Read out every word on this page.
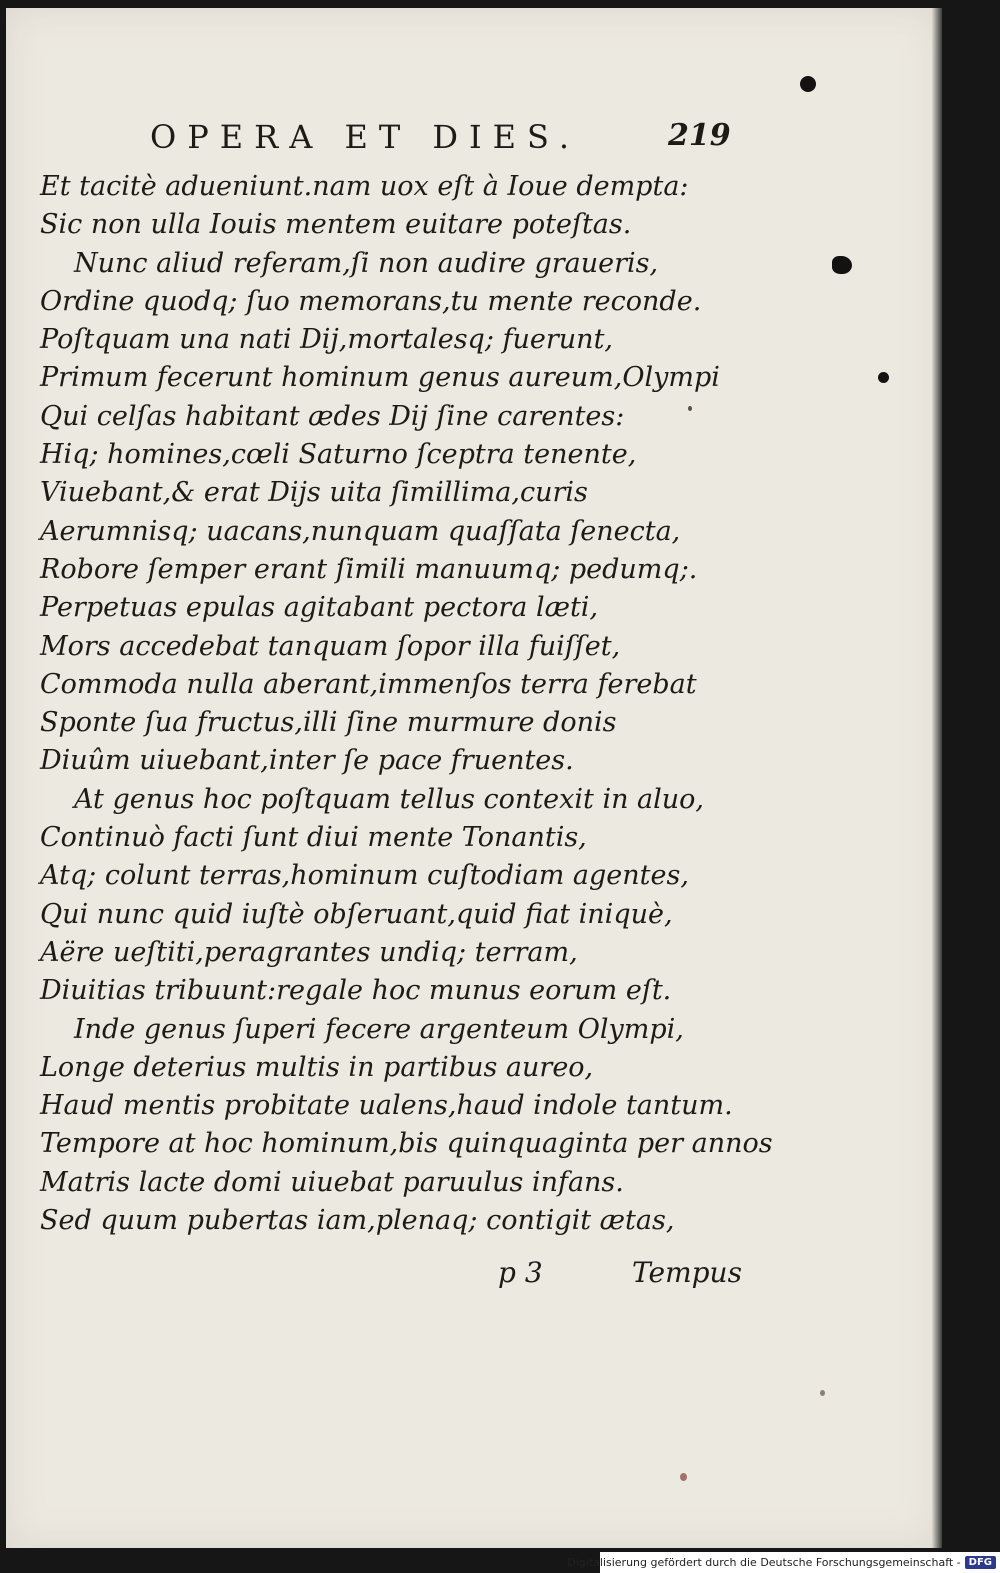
OPERA ET DIES.	219
Et tacitè adueniunt.nam uox eſt à Ioue dempta:
Sic non ulla Iouis mentem euitare poteſtas.
Nunc aliud referam,ſi non audire graueris,
Ordine quodq; ſuo memorans,tu mente reconde.
Poſtquam una nati Dij,mortalesq; fuerunt,
Primum fecerunt hominum genus aureum,Olympi
Qui celſas habitant ædes Dij ſine carentes:
Hiq; homines,cœli Saturno ſceptra tenente,
Viuebant,& erat Dijs uita ſimillima,curis
Aerumnisq; uacans,nunquam quaſſata ſenecta,
Robore ſemper erant ſimili manuumq; pedumq;.
Perpetuas epulas agitabant pectora læti,
Mors accedebat tanquam ſopor illa fuiſſet,
Commoda nulla aberant,immenſos terra ferebat
Sponte ſua fructus,illi ſine murmure donis
Diuûm uiuebant,inter ſe pace fruentes.
At genus hoc poſtquam tellus contexit in aluo,
Continuò facti ſunt diui mente Tonantis,
Atq; colunt terras,hominum cuſtodiam agentes,
Qui nunc quid iuſtè obſeruant,quid fiat iniquè,
Aëre ueſtiti,peragrantes undiq; terram,
Diuitias tribuunt:regale hoc munus eorum eſt.
Inde genus ſuperi fecere argenteum Olympi,
Longe deterius multis in partibus aureo,
Haud mentis probitate ualens,haud indole tantum.
Tempore at hoc hominum,bis quinquaginta per annos
Matris lacte domi uiuebat paruulus infans.
Sed quum pubertas iam,plenaq; contigit ætas,
p 3	Tempus
Digitalisierung gefördert durch die Deutsche Forschungsgemeinschaft - DFG
